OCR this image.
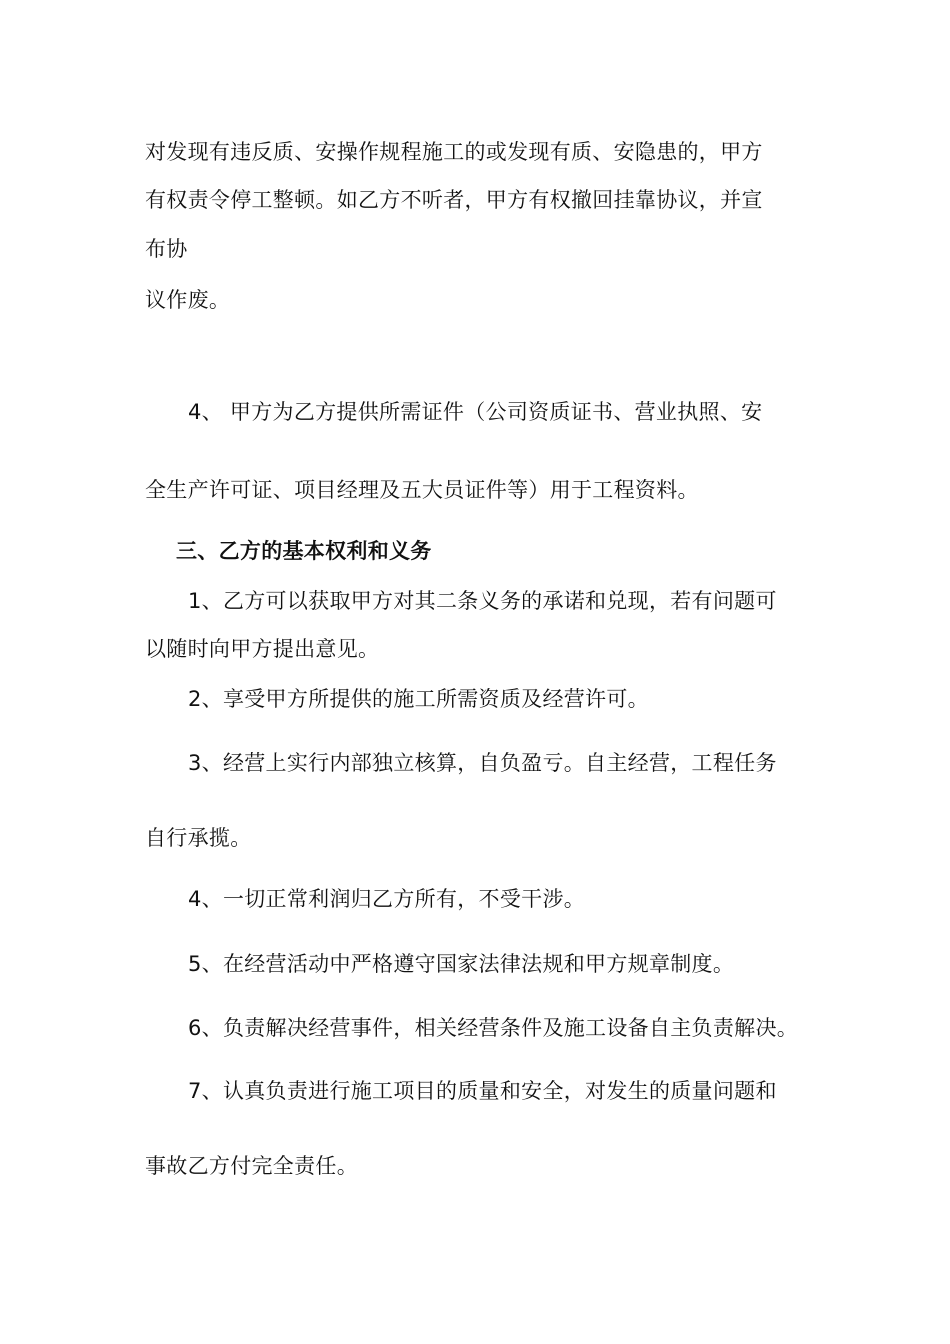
对发现有违反质、安操作规程施工的或发现有质、安隐患的，甲方
有权责令停工整顿。如乙方不听者，甲方有权撤回挂靠协议，并宣
布协
议作废。
4、 甲方为乙方提供所需证件（公司资质证书、营业执照、安
全生产许可证、项目经理及五大员证件等）用于工程资料。
三、乙方的基本权利和义务
1、乙方可以获取甲方对其二条义务的承诺和兑现，若有问题可
以随时向甲方提出意见。
2、享受甲方所提供的施工所需资质及经营许可。
3、经营上实行内部独立核算，自负盈亏。自主经营，工程任务
自行承揽。
4、一切正常利润归乙方所有，不受干涉。
5、在经营活动中严格遵守国家法律法规和甲方规章制度。
6、负责解决经营事件，相关经营条件及施工设备自主负责解决。
7、认真负责进行施工项目的质量和安全，对发生的质量问题和
事故乙方付完全责任。
